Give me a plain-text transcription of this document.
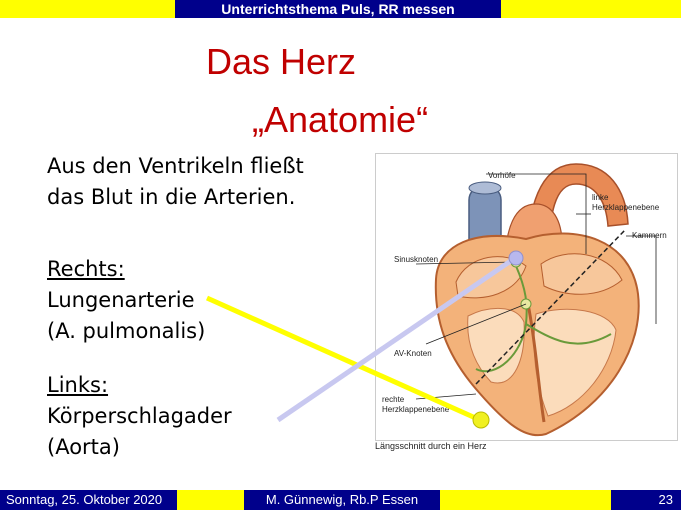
Unterrichtsthema Puls, RR messen
Das Herz
„Anatomie“
Aus den Ventrikeln fließt
das Blut in die Arterien.
Rechts:
Lungenarterie
(A. pulmonalis)
Links:
Körperschlagader
(Aorta)
Vorhöfe
linke
Herzklappenebene
Kammern
Sinusknoten
AV-Knoten
rechte
Herzklappenebene
Längsschnitt durch ein Herz
Sonntag, 25. Oktober 2020	M. Günnewig, Rb.P Essen	23
